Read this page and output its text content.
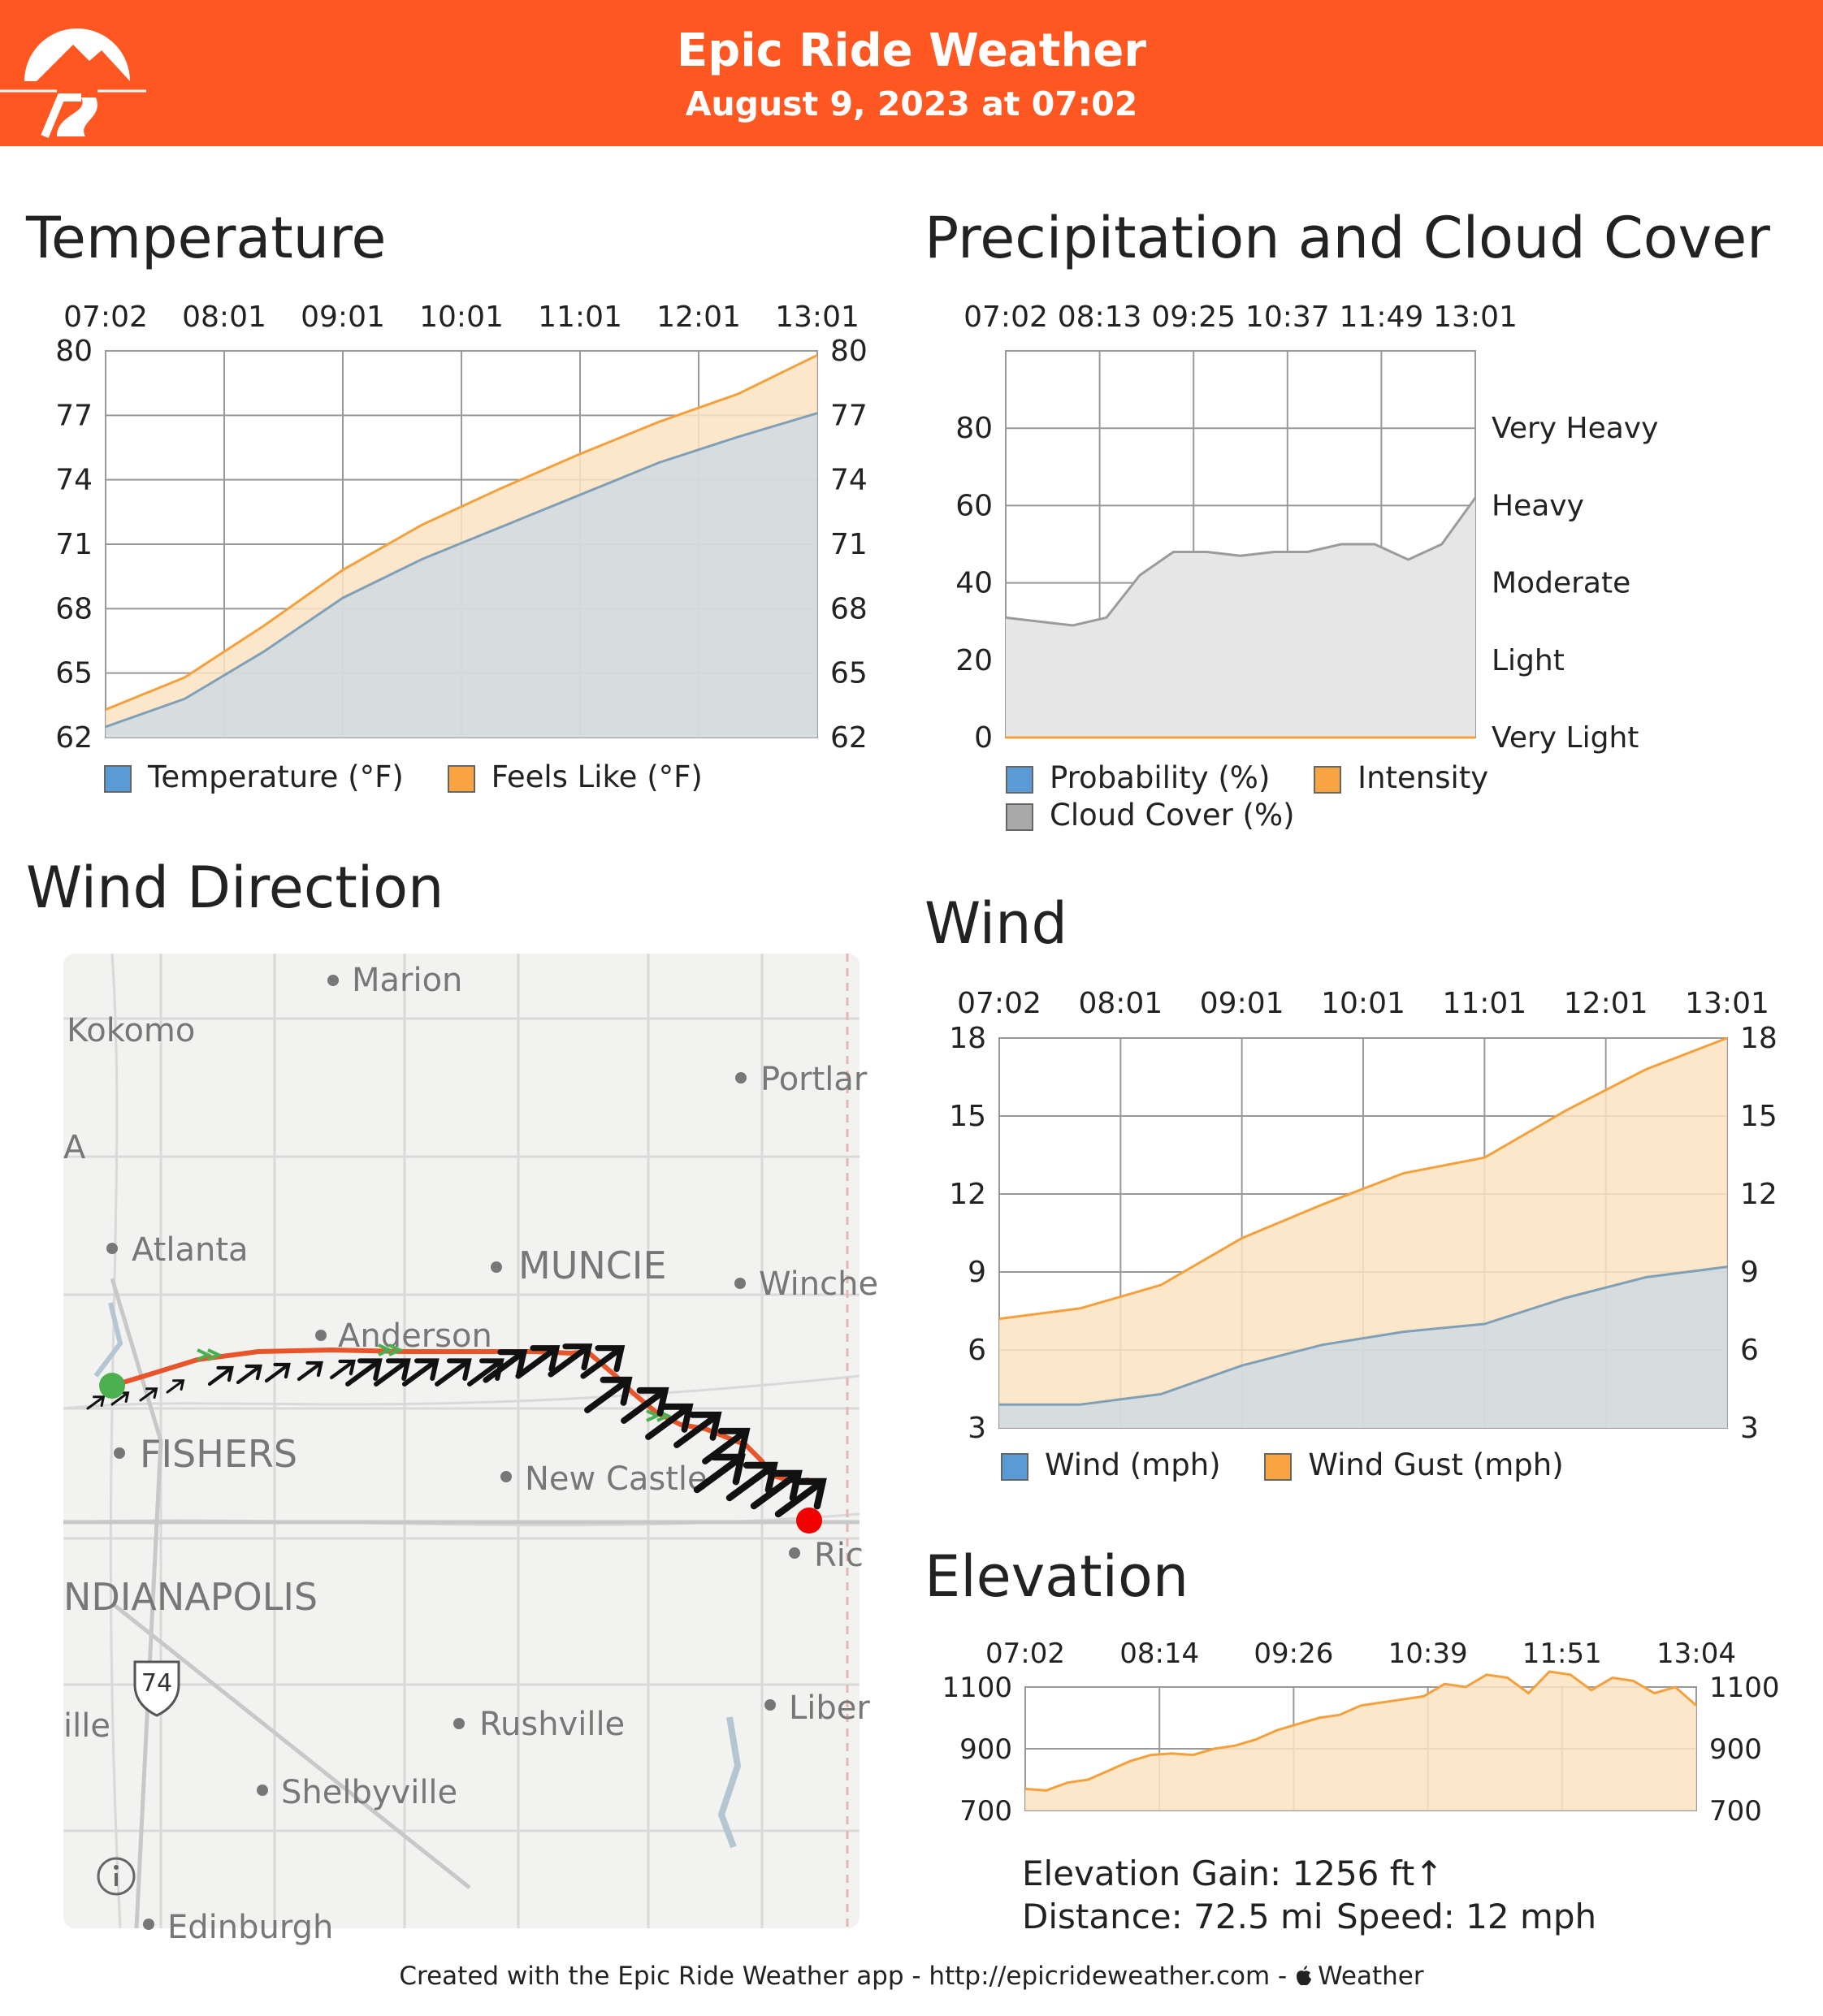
Epic Ride Weather
August 9, 2023 at 07:02
Temperature
07:02 08:01 09:01 10:01 11:01 12:01 13:01
62	62
65	65
68	68
71	71
74	74
77	77
80	80
Temperature (°F)	Feels Like (°F)
Precipitation and Cloud Cover
07:02 08:13 09:25 10:37 11:49 13:01
0
20
40
60
80
Very Light
Light
Moderate
Heavy
Very Heavy
Probability (%)	Intensity
Cloud Cover (%)
Wind Direction
74
Marion
Kokomo
Portlar
A
Atlanta	MUNCIE	Winche
Anderson
FISHERS
New Castle
Ric
NDIANAPOLIS
ille	Rushville	Liber
Shelbyville
Edinburgh
Wind
07:02 08:01 09:01 10:01 11:01 12:01 13:01
3	3
6	6
9	9
12	12
15	15
18	18
Wind (mph)	Wind Gust (mph)
Elevation
07:02 08:14 09:26 10:39 11:51 13:04
700	700
900	900
1100	1100
Elevation Gain: 1256 ft↑
Distance: 72.5 mi Speed: 12 mph
Created with the Epic Ride Weather app - http://epicrideweather.com - Weather
